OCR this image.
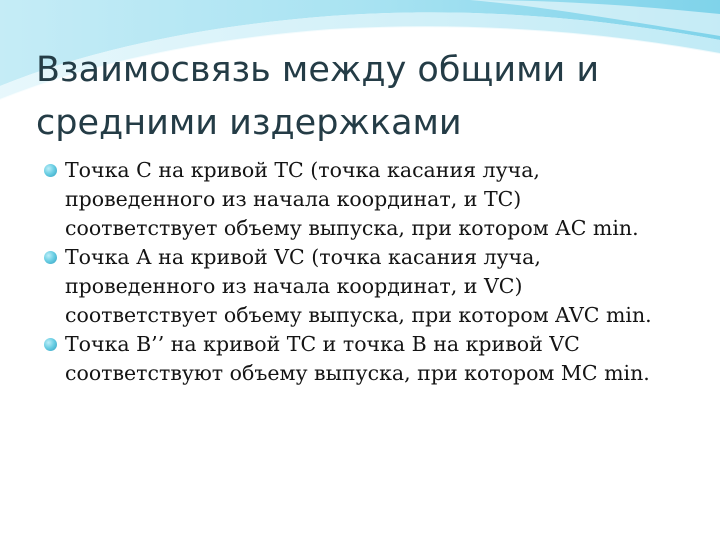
Взаимосвязь между общими и средними издержками
Точка С на кривой ТС (точка касания луча, проведенного из начала координат, и ТС) соответствует объему выпуска, при котором АС min.
Точка А на кривой VC (точка касания луча, проведенного из начала координат, и VC) соответствует объему выпуска, при котором AVC min.
Точка В’’ на кривой ТС и точка В на кривой VC соответствуют объему выпуска, при котором МС min.
